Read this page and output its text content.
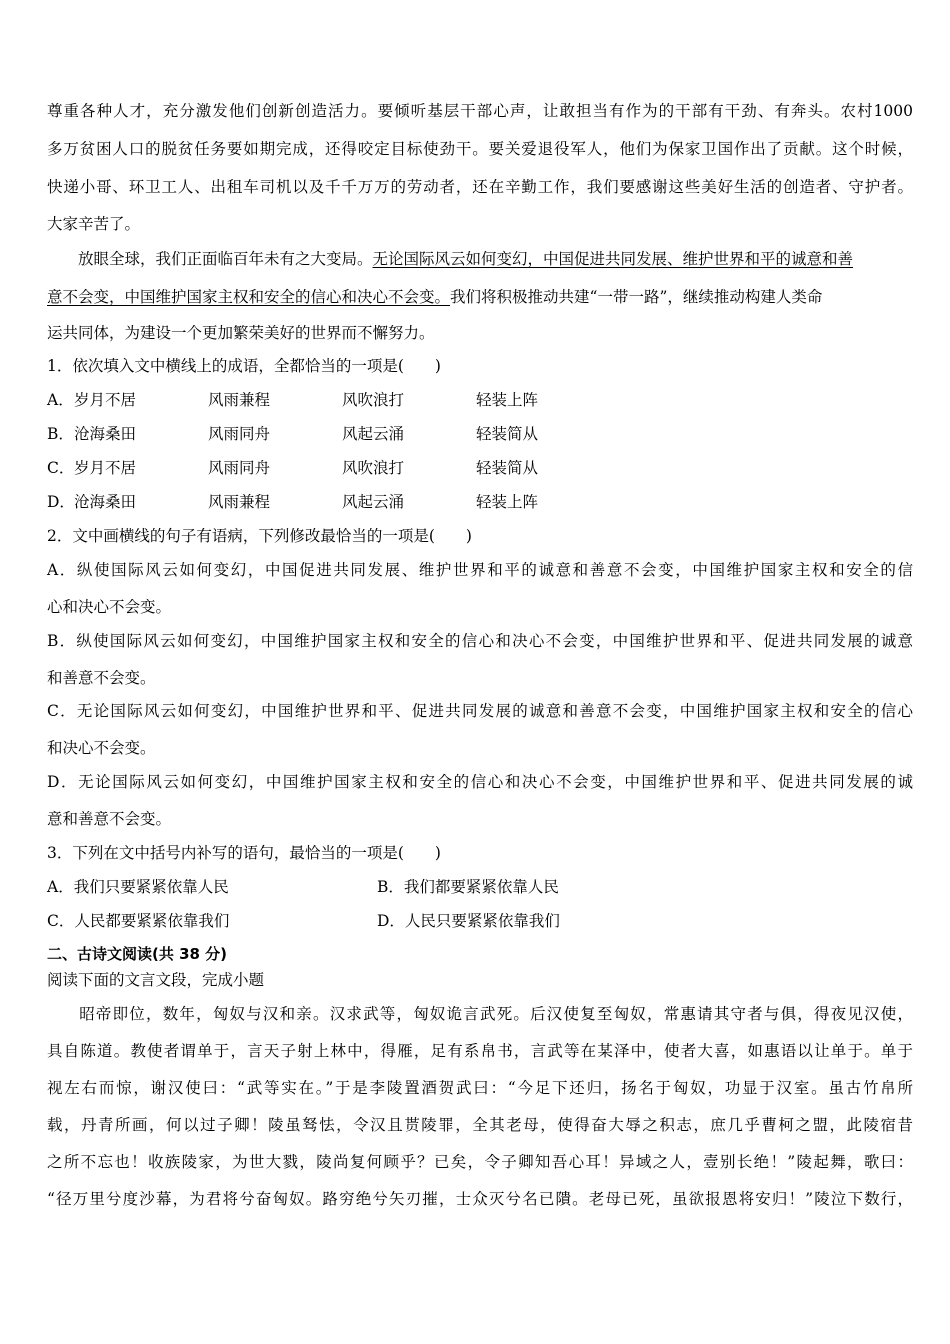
尊重各种人才，充分激发他们创新创造活力。要倾听基层干部心声，让敢担当有作为的干部有干劲、有奔头。农村1000
多万贫困人口的脱贫任务要如期完成，还得咬定目标使劲干。要关爱退役军人，他们为保家卫国作出了贡献。这个时候，
快递小哥、环卫工人、出租车司机以及千千万万的劳动者，还在辛勤工作，我们要感谢这些美好生活的创造者、守护者。
大家辛苦了。
放眼全球，我们正面临百年未有之大变局。无论国际风云如何变幻，中国促进共同发展、维护世界和平的诚意和善
意不会变，中国维护国家主权和安全的信心和决心不会变。我们将积极推动共建“一带一路”，继续推动构建人类命
运共同体，为建设一个更加繁荣美好的世界而不懈努力。
1．依次填入文中横线上的成语，全都恰当的一项是(　　)
A． 岁月不居	风雨兼程	风吹浪打	轻装上阵
B． 沧海桑田	风雨同舟	风起云涌	轻装简从
C． 岁月不居	风雨同舟	风吹浪打	轻装简从
D． 沧海桑田	风雨兼程	风起云涌	轻装上阵
2．文中画横线的句子有语病，下列修改最恰当的一项是(　　)
A．纵使国际风云如何变幻，中国促进共同发展、维护世界和平的诚意和善意不会变，中国维护国家主权和安全的信
心和决心不会变。
B．纵使国际风云如何变幻，中国维护国家主权和安全的信心和决心不会变，中国维护世界和平、促进共同发展的诚意
和善意不会变。
C．无论国际风云如何变幻，中国维护世界和平、促进共同发展的诚意和善意不会变，中国维护国家主权和安全的信心
和决心不会变。
D．无论国际风云如何变幻，中国维护国家主权和安全的信心和决心不会变，中国维护世界和平、促进共同发展的诚
意和善意不会变。
3．下列在文中括号内补写的语句，最恰当的一项是(　　)
A．我们只要紧紧依靠人民	B．我们都要紧紧依靠人民
C．人民都要紧紧依靠我们	D．人民只要紧紧依靠我们
二、古诗文阅读(共 38 分)
阅读下面的文言文段，完成小题
昭帝即位，数年，匈奴与汉和亲。汉求武等，匈奴诡言武死。后汉使复至匈奴，常惠请其守者与俱，得夜见汉使，
具自陈道。教使者谓单于，言天子射上林中，得雁，足有系帛书，言武等在某泽中，使者大喜，如惠语以让单于。单于
视左右而惊，谢汉使曰：“武等实在。”于是李陵置酒贺武曰：“今足下还归，扬名于匈奴，功显于汉室。虽古竹帛所
载，丹青所画，何以过子卿！陵虽驽怯，令汉且贳陵罪，全其老母，使得奋大辱之积志，庶几乎曹柯之盟，此陵宿昔
之所不忘也！收族陵家，为世大戮，陵尚复何顾乎？已矣，令子卿知吾心耳！异域之人，壹别长绝！”陵起舞，歌曰：
“径万里兮度沙幕，为君将兮奋匈奴。路穷绝兮矢刃摧，士众灭兮名已隤。老母已死，虽欲报恩将安归！”陵泣下数行，
